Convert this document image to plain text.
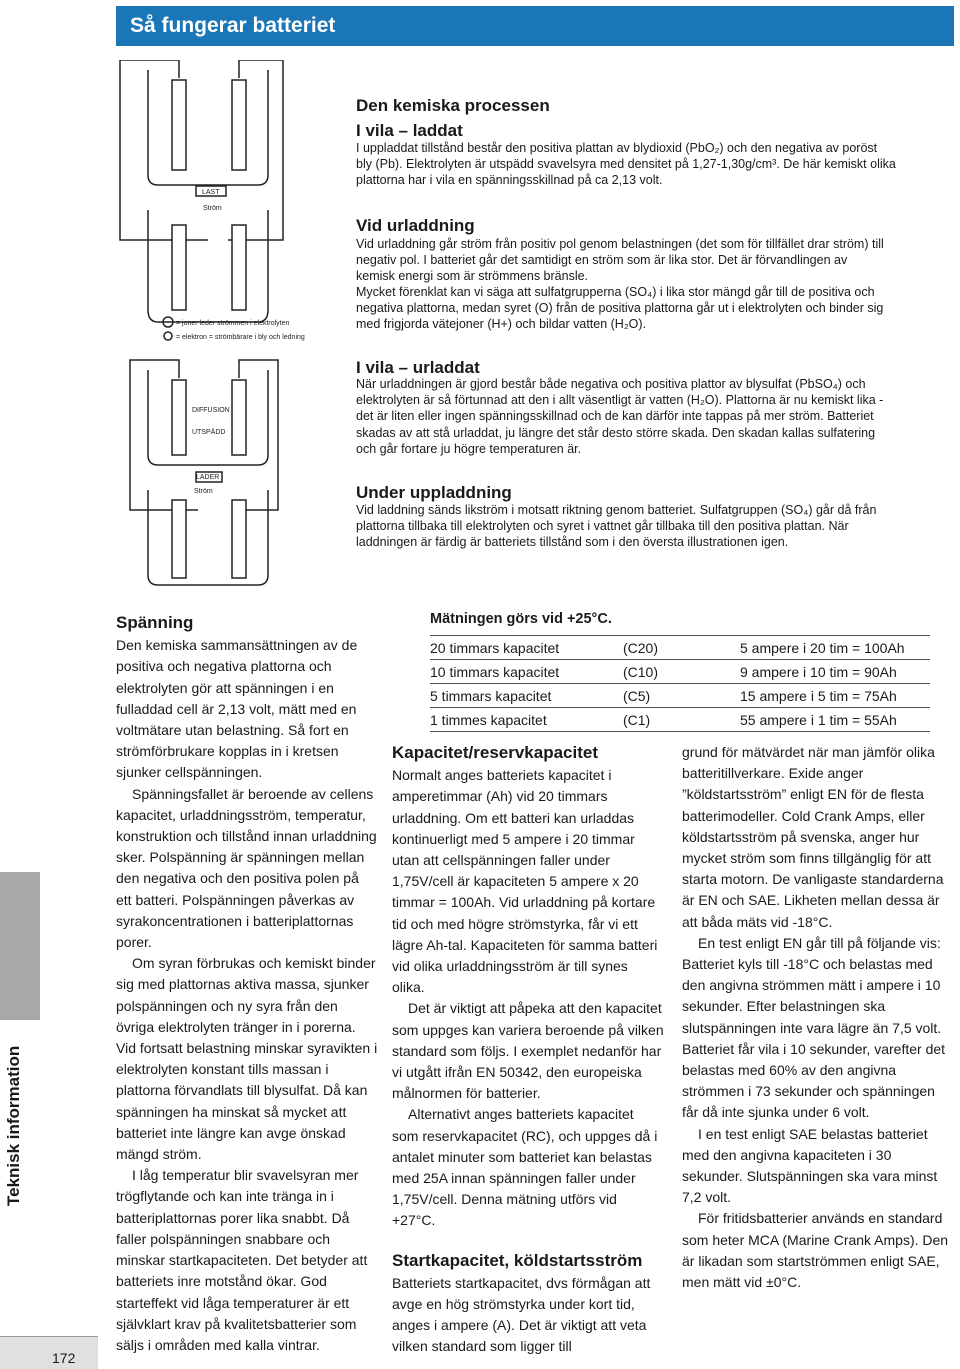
Så fungerar batteriet
LAST
Ström
LADER
Ström
DIFFUSION
UTSPÄDD
= joner leder strömmen i elektrolyten
= elektron = strömbärare i bly och ledning
Den kemiska processen
I vila – laddat

I uppladdat tillstånd består den positiva plattan av blydioxid (PbO₂) och den negativa av poröst bly (Pb). Elektrolyten är utspädd svavelsyra med densitet på 1,27-1,30g/cm³. De här kemiskt olika plattorna har i vila en spänningsskillnad på ca 2,13 volt.

Vid urladdning

Vid urladdning går ström från positiv pol genom belastningen (det som för tillfället drar ström) till negativ pol. I batteriet går det samtidigt en ström som är lika stor. Det är förvandlingen av kemisk energi som är strömmens bränsle.

Mycket förenklat kan vi säga att sulfatgrupperna (SO₄) i lika stor mängd går till de positiva och negativa plattorna, medan syret (O) från de positiva plattorna går ut i elektrolyten och binder sig med frigjorda vätejoner (H+) och bildar vatten (H₂O).

I vila – urladdat

När urladdningen är gjord består både negativa och positiva plattor av blysulfat (PbSO₄) och elektrolyten är så förtunnad att den i allt väsentligt är vatten (H₂O). Plattorna är nu kemiskt lika - det är liten eller ingen spänningsskillnad och de kan därför inte tappas på mer ström. Batteriet skadas av att stå urladdat, ju längre det står desto större skada. Den skadan kallas sulfatering och går fortare ju högre temperaturen är.

Under uppladdning

Vid laddning sänds likström i motsatt riktning genom batteriet. Sulfatgruppen (SO₄) går då från plattorna tillbaka till elektrolyten och syret i vattnet går tillbaka till den positiva plattan. När laddningen är färdig är batteriets tillstånd som i den översta illustrationen igen.

Spänning

Den kemiska sammansättningen av de positiva och negativa plattorna och elektrolyten gör att spänningen i en fulladdad cell är 2,13 volt, mätt med en voltmätare utan belastning. Så fort en strömförbrukare kopplas in i kretsen sjunker cellspänningen.

Spänningsfallet är beroende av cellens kapacitet, urladdningsström, temperatur, konstruktion och tillstånd innan urladdning sker. Polspänning är spänningen mellan den negativa och den positiva polen på ett batteri. Polspänningen påverkas av syrakoncentrationen i batteriplattornas porer.

Om syran förbrukas och kemiskt binder sig med plattornas aktiva massa, sjunker polspänningen och ny syra från den övriga elektrolyten tränger in i porerna. Vid fortsatt belastning minskar syravikten i elektrolyten konstant tills massan i plattorna förvandlats till blysulfat. Då kan spänningen ha minskat så mycket att batteriet inte längre kan avge önskad mängd ström.

I låg temperatur blir svavelsyran mer trögflytande och kan inte tränga in i batteriplattornas porer lika snabbt. Då faller polspänningen snabbare och minskar startkapaciteten. Det betyder att batteriets inre motstånd ökar. God starteffekt vid låga temperaturer är ett självklart krav på kvalitetsbatterier som säljs i områden med kalla vintrar.

Mätningen görs vid +25°C.
20 timmars kapacitet	(C20)	5 ampere i 20 tim = 100Ah
10 timmars kapacitet	(C10)	9 ampere i 10 tim = 90Ah
5 timmars kapacitet	(C5)	15 ampere i 5 tim = 75Ah
1 timmes kapacitet	(C1)	55 ampere i 1 tim = 55Ah
Kapacitet/reservkapacitet

Normalt anges batteriets kapacitet i amperetimmar (Ah) vid 20 timmars urladdning. Om ett batteri kan urladdas kontinuerligt med 5 ampere i 20 timmar utan att cellspänningen faller under 1,75V/cell är kapaciteten 5 ampere x 20 timmar = 100Ah. Vid urladdning på kortare tid och med högre strömstyrka, får vi ett lägre Ah-tal. Kapaciteten för samma batteri vid olika urladdningsström är till synes olika.

Det är viktigt att påpeka att den kapacitet som uppges kan variera beroende på vilken standard som följs. I exemplet nedanför har vi utgått ifrån EN 50342, den europeiska målnormen för batterier.

Alternativt anges batteriets kapacitet som reservkapacitet (RC), och uppges då i antalet minuter som batteriet kan belastas med 25A innan spänningen faller under 1,75V/cell. Denna mätning utförs vid +27°C.

Startkapacitet, köldstartsström

Batteriets startkapacitet, dvs förmågan att avge en hög strömstyrka under kort tid, anges i ampere (A). Det är viktigt att veta vilken standard som ligger till

grund för mätvärdet när man jämför olika batteritillverkare. Exide anger ”köldstartsström” enligt EN för de flesta batterimodeller. Cold Crank Amps, eller köldstartsström på svenska, anger hur mycket ström som finns tillgänglig för att starta motorn. De vanligaste standarderna är EN och SAE. Likheten mellan dessa är att båda mäts vid -18°C.

En test enligt EN går till på följande vis: Batteriet kyls till -18°C och belastas med den angivna strömmen mätt i ampere i 10 sekunder. Efter belastningen ska slutspänningen inte vara lägre än 7,5 volt. Batteriet får vila i 10 sekunder, varefter det belastas med 60% av den angivna strömmen i 73 sekunder och spänningen får då inte sjunka under 6 volt.

I en test enligt SAE belastas batteriet med den angivna kapaciteten i 30 sekunder. Slutspänningen ska vara minst 7,2 volt.

För fritidsbatterier används en standard som heter MCA (Marine Crank Amps). Den är likadan som startströmmen enligt SAE, men mätt vid ±0°C.

Teknisk information
172
